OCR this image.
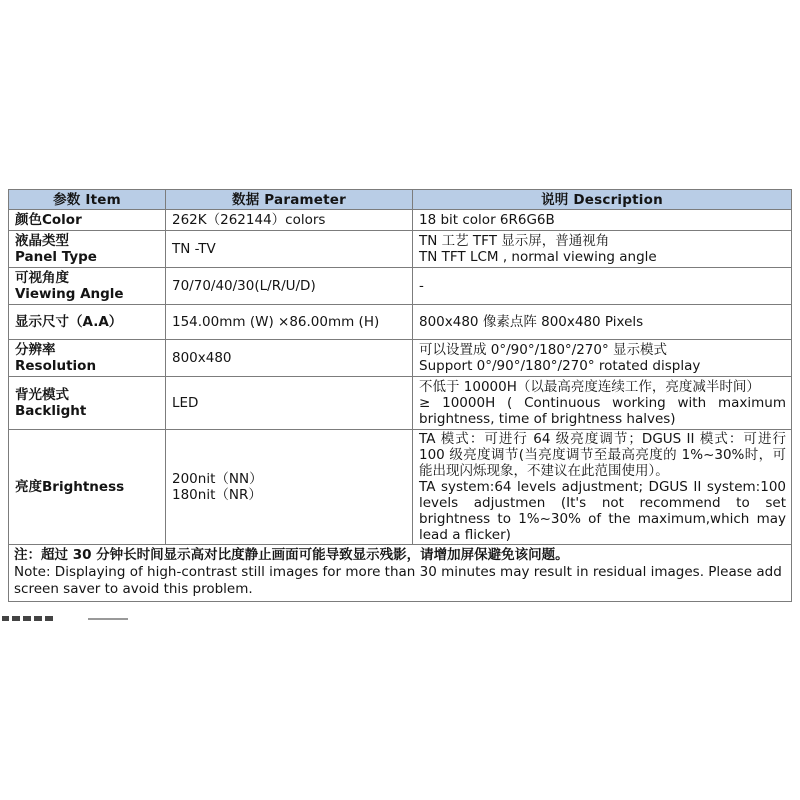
参数 Item	数据 Parameter	说明 Description
颜色Color	262K（262144）colors	18 bit color 6R6G6B

液晶类型
Panel Type	TN -TV	TN 工艺 TFT 显示屏，普通视角
TN TFT LCM , normal viewing angle

可视角度
Viewing Angle	70/70/40/30(L/R/U/D)	-

显示尺寸（A.A）	154.00mm (W) ×86.00mm (H)	800x480 像素点阵 800x480 Pixels

分辨率
Resolution	800x480	可以设置成 0°/90°/180°/270° 显示模式
Support 0°/90°/180°/270° rotated display

背光模式
Backlight	LED	不低于 10000H（以最高亮度连续工作，亮度减半时间）
≥ 10000H ( Continuous working with maximum brightness, time of brightness halves)

亮度Brightness	200nit（NN）
180nit（NR）	TA 模式：可进行 64 级亮度调节；DGUS II 模式：可进行 100 级亮度调节(当亮度调节至最高亮度的 1%~30%时，可能出现闪烁现象，不建议在此范围使用）。
TA system:64 levels adjustment; DGUS II system:100 levels adjustmen (It's not recommend to set brightness to 1%~30% of the maximum,which may lead a flicker)

注：超过 30 分钟长时间显示高对比度静止画面可能导致显示残影，请增加屏保避免该问题。
Note: Displaying of high-contrast still images for more than 30 minutes may result in residual images. Please add screen saver to avoid this problem.		
